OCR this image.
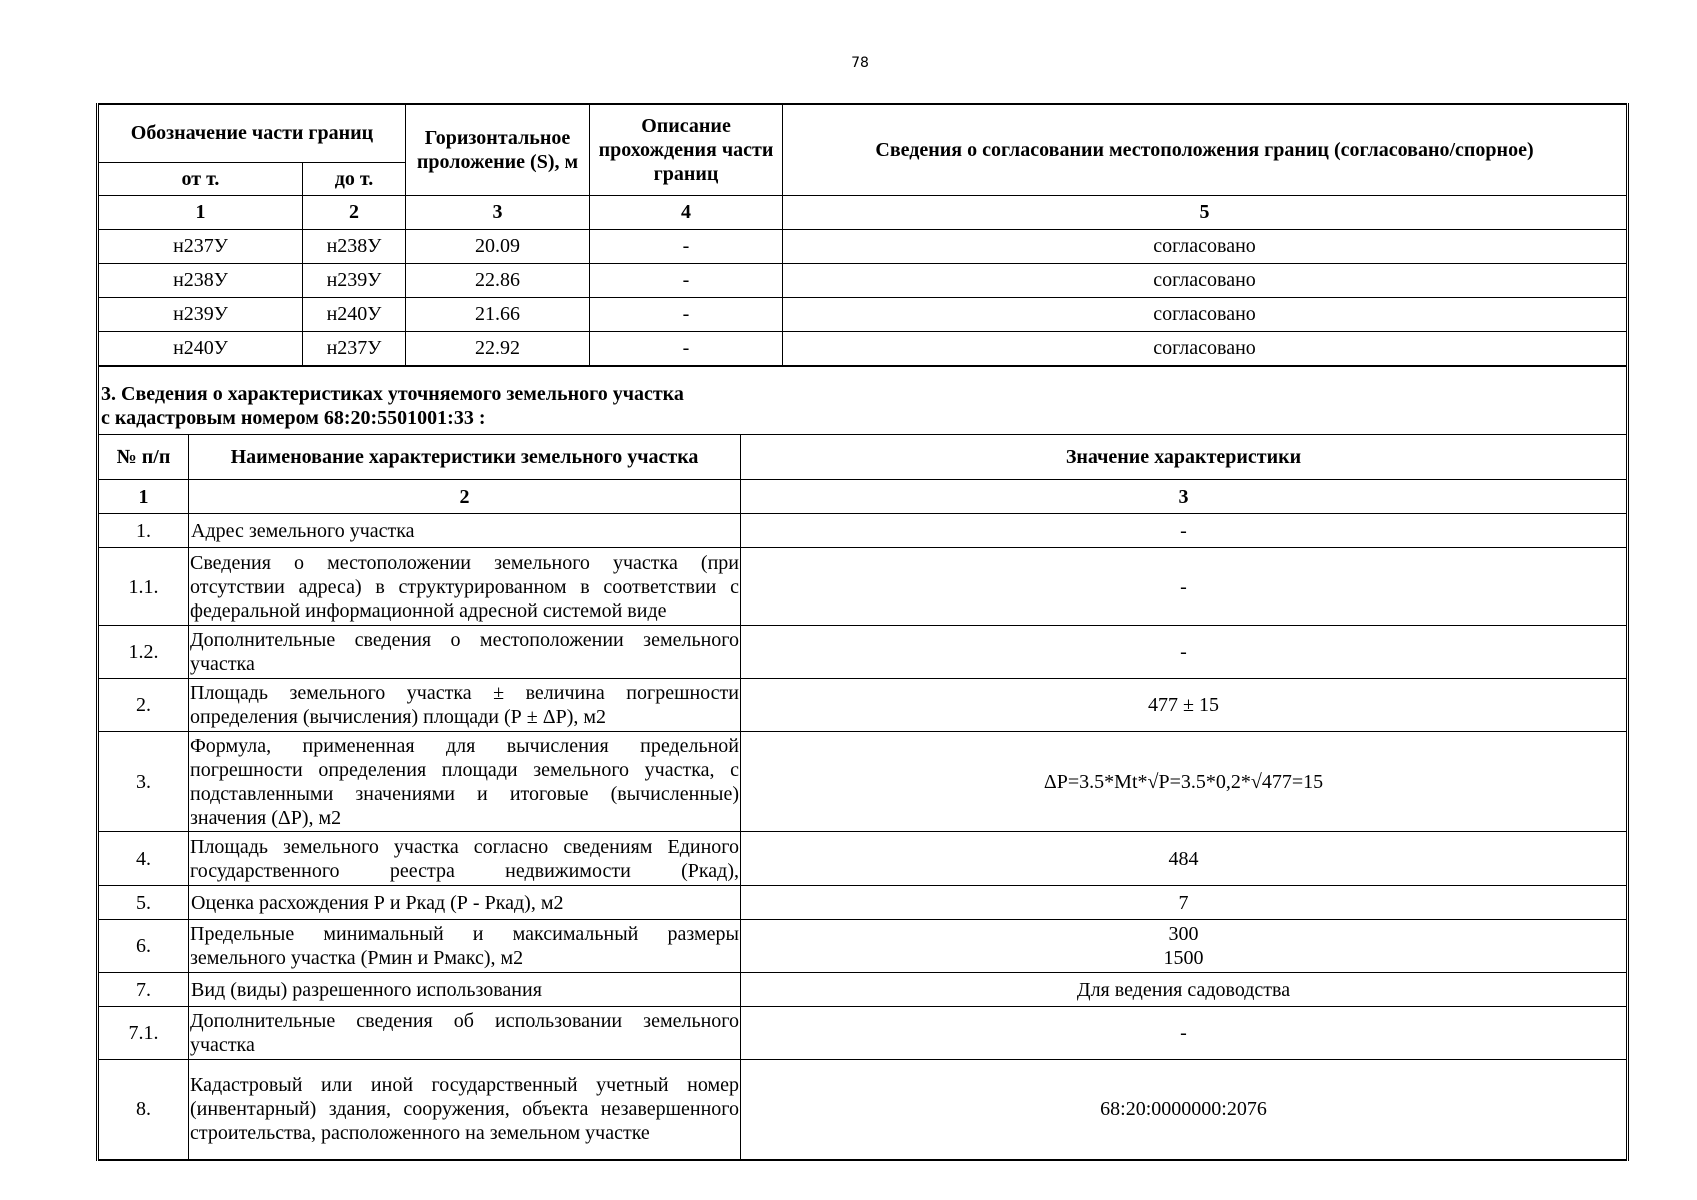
78
Обозначение части границ		Горизонтальное проложение (S), м	Описание прохождения части границ	Сведения о согласовании местоположения границ (согласовано/спорное)
от т.	до т.			
1	2	3	4	5
н237У	н238У	20.09	-	согласовано
н238У	н239У	22.86	-	согласовано
н239У	н240У	21.66	-	согласовано
н240У	н237У	22.92	-	согласовано
3. Сведения о характеристиках уточняемого земельного участка
с кадастровым номером 68:20:5501001:33 :		
№ п/п	Наименование характеристики земельного участка	Значение характеристики
1	2	3
1.	Адрес земельного участка	-
1.1.	Сведения о местоположении земельного участка (при отсутствии адреса) в структурированном в соответствии с федеральной информационной адресной системой виде	-
1.2.	Дополнительные сведения о местоположении земельного участка	-
2.	Площадь земельного участка ± величина погрешности определения (вычисления) площади (Р ± ΔР), м2	477 ± 15
3.	Формула, примененная для вычисления предельной погрешности определения площади земельного участка, с подставленными значениями и итоговые (вычисленные) значения (ΔР), м2	ΔР=3.5*Mt*√P=3.5*0,2*√477=15
4.	Площадь земельного участка согласно сведениям Единого государственного реестра недвижимости (Ркад),	484
5.	Оценка расхождения Р и Ркад (Р - Ркад), м2	7
6.	Предельные минимальный и максимальный размеры земельного участка (Рмин и Рмакс), м2	300
1500

7.	Вид (виды) разрешенного использования	Для ведения садоводства
7.1.	Дополнительные сведения об использовании земельного участка	-
8.	Кадастровый или иной государственный учетный номер (инвентарный) здания, сооружения, объекта незавершенного строительства, расположенного на земельном участке	68:20:0000000:2076
